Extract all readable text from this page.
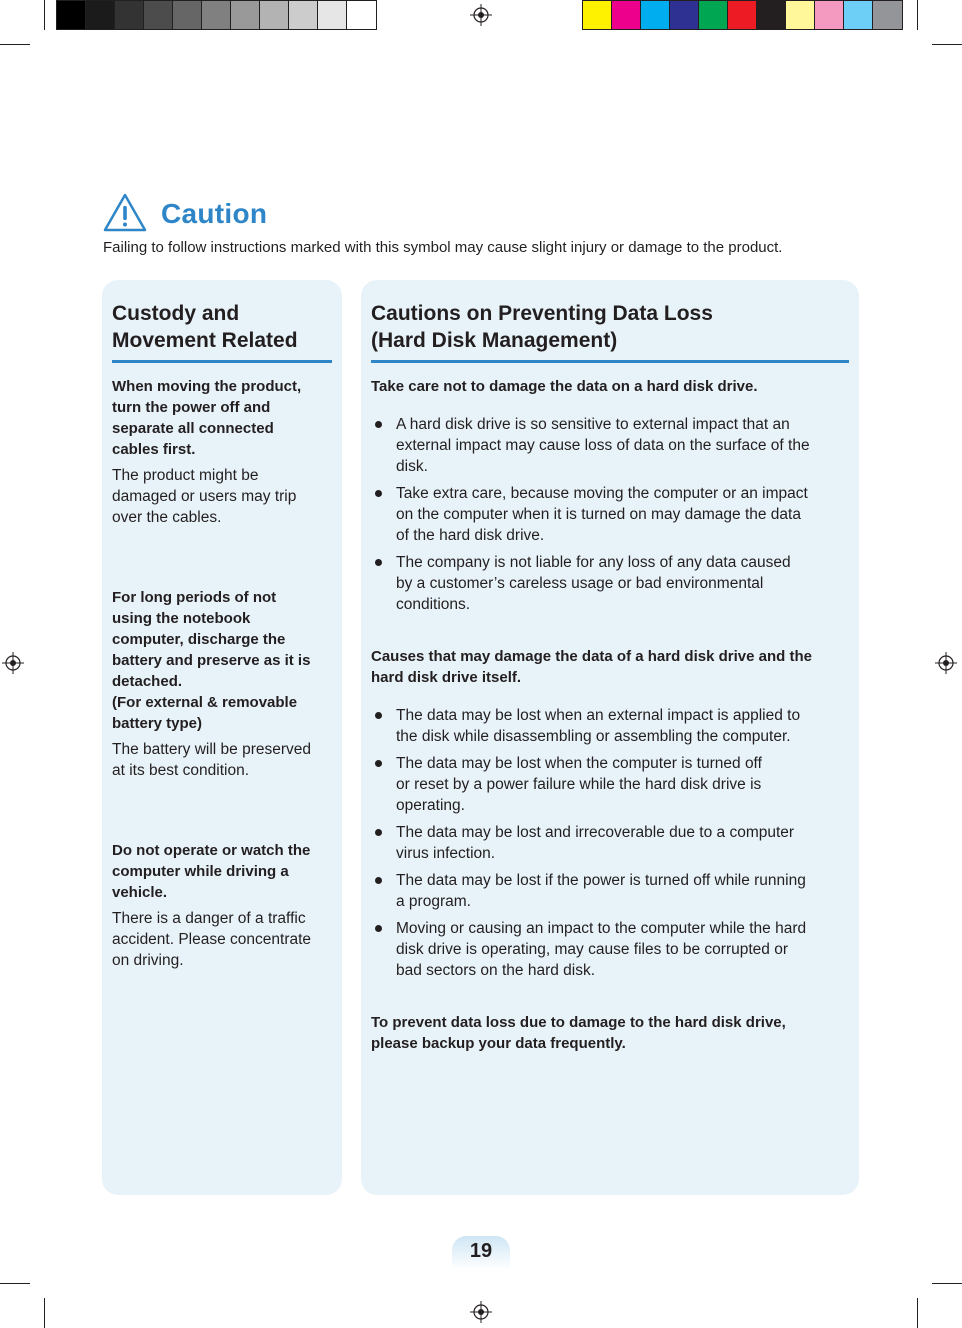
Caution
Failing to follow instructions marked with this symbol may cause slight injury or damage to the product.
Custody and
Movement Related
When moving the product,
turn the power off and
separate all connected
cables first.
The product might be
damaged or users may trip
over the cables.
For long periods of not
using the notebook
computer, discharge the
battery and preserve as it is
detached.
(For external & removable
battery type)
The battery will be preserved
at its best condition.
Do not operate or watch the
computer while driving a
vehicle.
There is a danger of a traffic
accident. Please concentrate
on driving.
Cautions on Preventing Data Loss
(Hard Disk Management)
Take care not to damage the data on a hard disk drive.
A hard disk drive is so sensitive to external impact that an
external impact may cause loss of data on the surface of the
disk.
Take extra care, because moving the computer or an impact
on the computer when it is turned on may damage the data
of the hard disk drive.
The company is not liable for any loss of any data caused
by a customer’s careless usage or bad environmental
conditions.
Causes that may damage the data of a hard disk drive and the
hard disk drive itself.
The data may be lost when an external impact is applied to
the disk while disassembling or assembling the computer.
The data may be lost when the computer is turned off
or reset by a power failure while the hard disk drive is
operating.
The data may be lost and irrecoverable due to a computer
virus infection.
The data may be lost if the power is turned off while running
a program.
Moving or causing an impact to the computer while the hard
disk drive is operating, may cause files to be corrupted or
bad sectors on the hard disk.
To prevent data loss due to damage to the hard disk drive,
please backup your data frequently.
19
